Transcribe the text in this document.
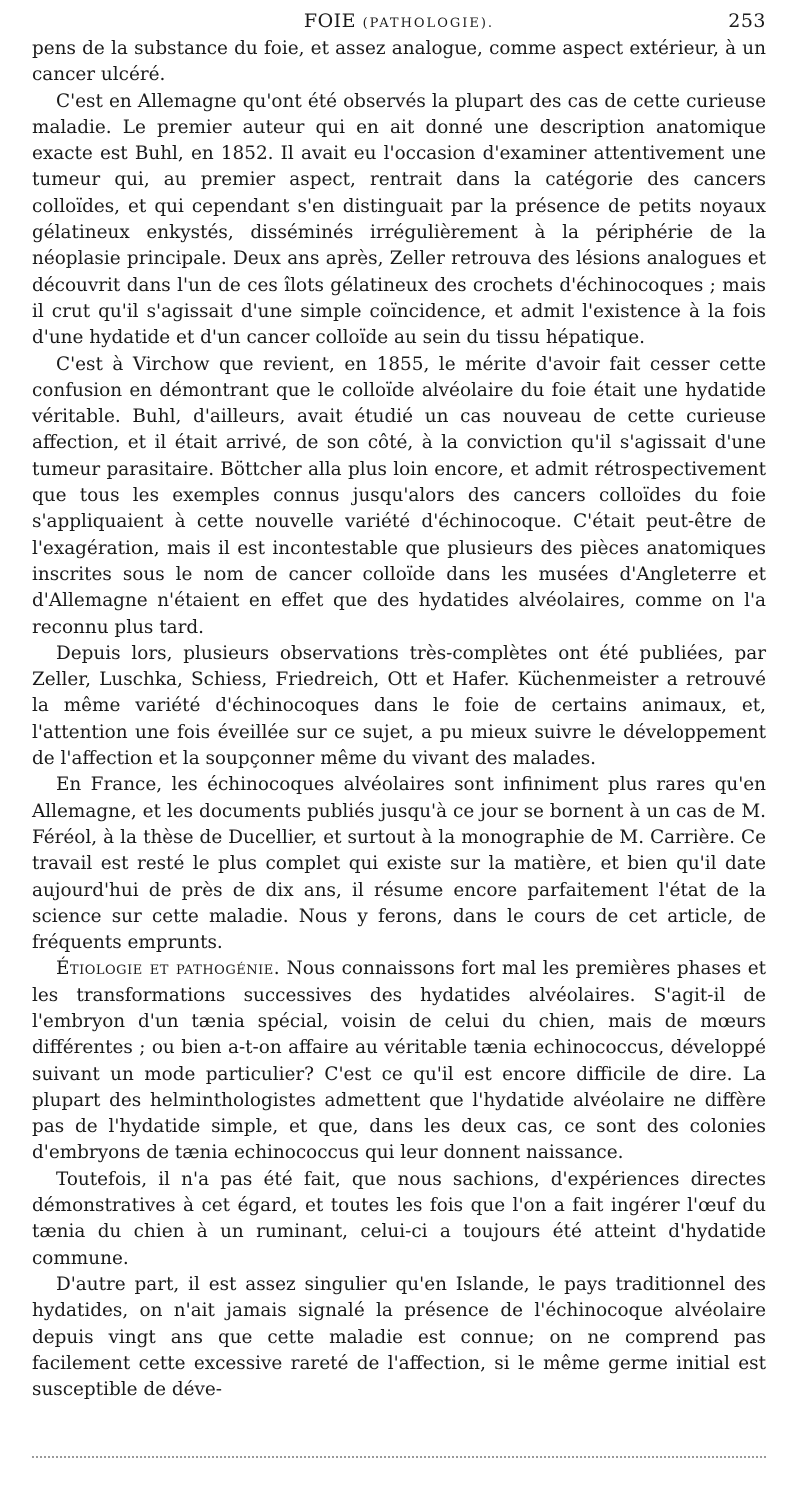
FOIE (PATHOLOGIE).	253

pens de la substance du foie, et assez analogue, comme aspect extérieur, à un cancer ulcéré.

C'est en Allemagne qu'ont été observés la plupart des cas de cette curieuse maladie. Le premier auteur qui en ait donné une description anatomique exacte est Buhl, en 1852. Il avait eu l'occasion d'examiner attentivement une tumeur qui, au premier aspect, rentrait dans la catégorie des cancers colloïdes, et qui cependant s'en distinguait par la présence de petits noyaux gélatineux enkystés, disséminés irrégulièrement à la périphérie de la néoplasie principale. Deux ans après, Zeller retrouva des lésions analogues et découvrit dans l'un de ces îlots gélatineux des crochets d'échinocoques ; mais il crut qu'il s'agissait d'une simple coïncidence, et admit l'existence à la fois d'une hydatide et d'un cancer colloïde au sein du tissu hépatique.

C'est à Virchow que revient, en 1855, le mérite d'avoir fait cesser cette confusion en démontrant que le colloïde alvéolaire du foie était une hydatide véritable. Buhl, d'ailleurs, avait étudié un cas nouveau de cette curieuse affection, et il était arrivé, de son côté, à la conviction qu'il s'agissait d'une tumeur parasitaire. Böttcher alla plus loin encore, et admit rétrospectivement que tous les exemples connus jusqu'alors des cancers colloïdes du foie s'appliquaient à cette nouvelle variété d'échinocoque. C'était peut-être de l'exagération, mais il est incontestable que plusieurs des pièces anatomiques inscrites sous le nom de cancer colloïde dans les musées d'Angleterre et d'Allemagne n'étaient en effet que des hydatides alvéolaires, comme on l'a reconnu plus tard.

Depuis lors, plusieurs observations très-complètes ont été publiées, par Zeller, Luschka, Schiess, Friedreich, Ott et Hafer. Küchenmeister a retrouvé la même variété d'échinocoques dans le foie de certains animaux, et, l'attention une fois éveillée sur ce sujet, a pu mieux suivre le développement de l'affection et la soupçonner même du vivant des malades.

En France, les échinocoques alvéolaires sont infiniment plus rares qu'en Allemagne, et les documents publiés jusqu'à ce jour se bornent à un cas de M. Féréol, à la thèse de Ducellier, et surtout à la monographie de M. Carrière. Ce travail est resté le plus complet qui existe sur la matière, et bien qu'il date aujourd'hui de près de dix ans, il résume encore parfaitement l'état de la science sur cette maladie. Nous y ferons, dans le cours de cet article, de fréquents emprunts.

Étiologie et pathogénie. Nous connaissons fort mal les premières phases et les transformations successives des hydatides alvéolaires. S'agit-il de l'embryon d'un tænia spécial, voisin de celui du chien, mais de mœurs différentes ; ou bien a-t-on affaire au véritable tænia echinococcus, développé suivant un mode particulier? C'est ce qu'il est encore difficile de dire. La plupart des helminthologistes admettent que l'hydatide alvéolaire ne diffère pas de l'hydatide simple, et que, dans les deux cas, ce sont des colonies d'embryons de tænia echinococcus qui leur donnent naissance.

Toutefois, il n'a pas été fait, que nous sachions, d'expériences directes démonstratives à cet égard, et toutes les fois que l'on a fait ingérer l'œuf du tænia du chien à un ruminant, celui-ci a toujours été atteint d'hydatide commune.

D'autre part, il est assez singulier qu'en Islande, le pays traditionnel des hydatides, on n'ait jamais signalé la présence de l'échinocoque alvéolaire depuis vingt ans que cette maladie est connue; on ne comprend pas facilement cette excessive rareté de l'affection, si le même germe initial est susceptible de déve-
